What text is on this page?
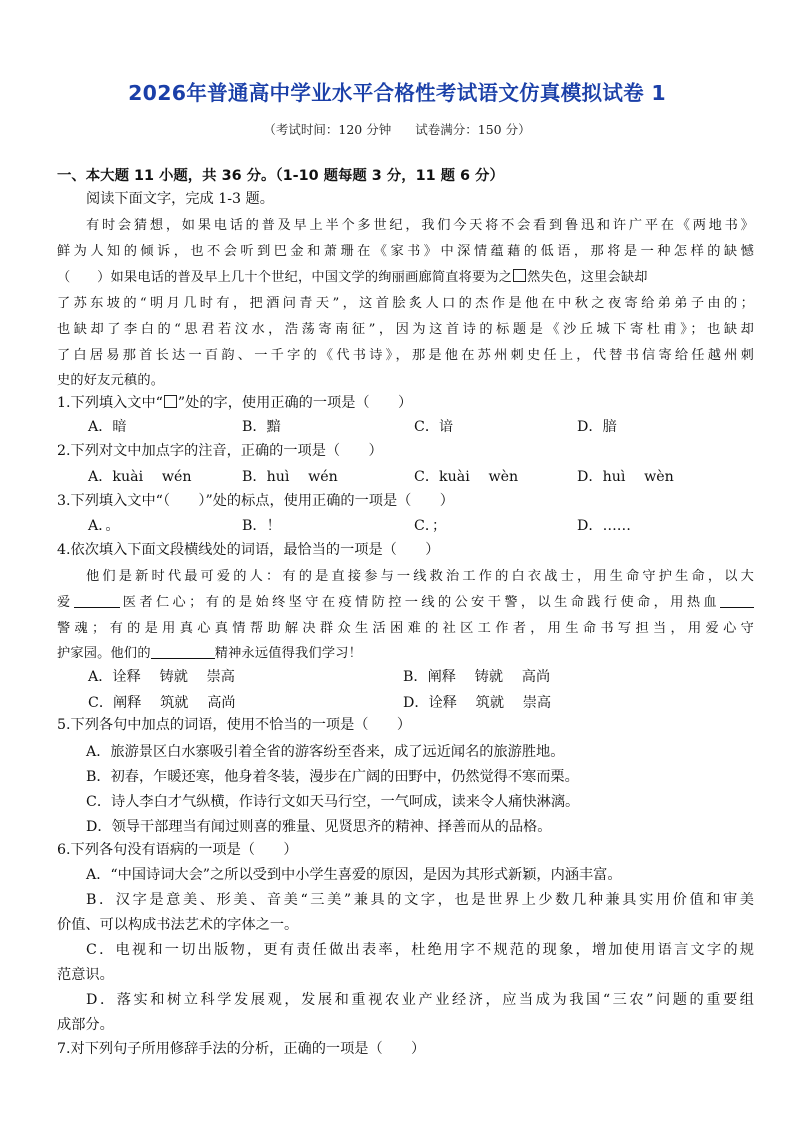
2026年普通高中学业水平合格性考试语文仿真模拟试卷 1
（考试时间：120 分钟 试卷满分：150 分）
一、本大题 11 小题，共 36 分。（1-10 题每题 3 分，11 题 6 分）
阅读下面文字，完成 1-3 题。
有时会猜想，如果电话的普及早上半个多世纪，我们今天将不会看到鲁迅和许广平在《两地书》
鲜为人知的倾诉，也不会听到巴金和萧珊在《家书》中深情蕴藉的低语，那将是一种怎样的缺憾
（　　）如果电话的普及早上几十个世纪，中国文学的绚丽画廊简直将要为之 然失色，这里会缺却
了苏东坡的“明月几时有，把酒问青天”，这首脍炙人口的杰作是他在中秋之夜寄给弟弟子由的；
也缺却了李白的“思君若汶水，浩荡寄南征”，因为这首诗的标题是《沙丘城下寄杜甫》；也缺却
了白居易那首长达一百韵、一千字的《代书诗》，那是他在苏州刺史任上，代替书信寄给任越州刺
史的好友元稹的。
1.下列填入文中“ ”处的字，使用正确的一项是（　　）
A．暗	B．黯	C．谙	D．腤
2.下列对文中加点字的注音，正确的一项是（　　）
A．kuài　 wén	B．huì　 wén	C．kuài　 wèn	D．huì　 wèn
3.下列填入文中“（　　）”处的标点，使用正确的一项是（　　）
A．。	B．！	C．；	D．……
4.依次填入下面文段横线处的词语，最恰当的一项是（　　）
他们是新时代最可爱的人：有的是直接参与一线救治工作的白衣战士，用生命守护生命，以大
爱	医者仁心；有的是始终坚守在疫情防控一线的公安干警，以生命践行使命，用热血
警魂；有的是用真心真情帮助解决群众生活困难的社区工作者，用生命书写担当，用爱心守
护家园。他们的	精神永远值得我们学习！
A．诠释　 铸就　 崇高	B．阐释　 铸就　 高尚
C．阐释　 筑就　 高尚	D．诠释　 筑就　 崇高
5.下列各句中加点的词语，使用不恰当的一项是（　　）
A．旅游景区白水寨吸引着全省的游客纷至沓来，成了远近闻名的旅游胜地。
B．初春，乍暖还寒，他身着冬装，漫步在广阔的田野中，仍然觉得不寒而栗。
C．诗人李白才气纵横，作诗行文如天马行空，一气呵成，读来令人痛快淋漓。
D．领导干部理当有闻过则喜的雅量、见贤思齐的精神、择善而从的品格。
6.下列各句没有语病的一项是（　　）
A．“中国诗词大会”之所以受到中小学生喜爱的原因，是因为其形式新颖，内涵丰富。
B．汉字是意美、形美、音美“三美”兼具的文字，也是世界上少数几种兼具实用价值和审美
价值、可以构成书法艺术的字体之一。
C．电视和一切出版物，更有责任做出表率，杜绝用字不规范的现象，增加使用语言文字的规
范意识。
D．落实和树立科学发展观，发展和重视农业产业经济，应当成为我国“三农”问题的重要组
成部分。
7.对下列句子所用修辞手法的分析，正确的一项是（　　）
